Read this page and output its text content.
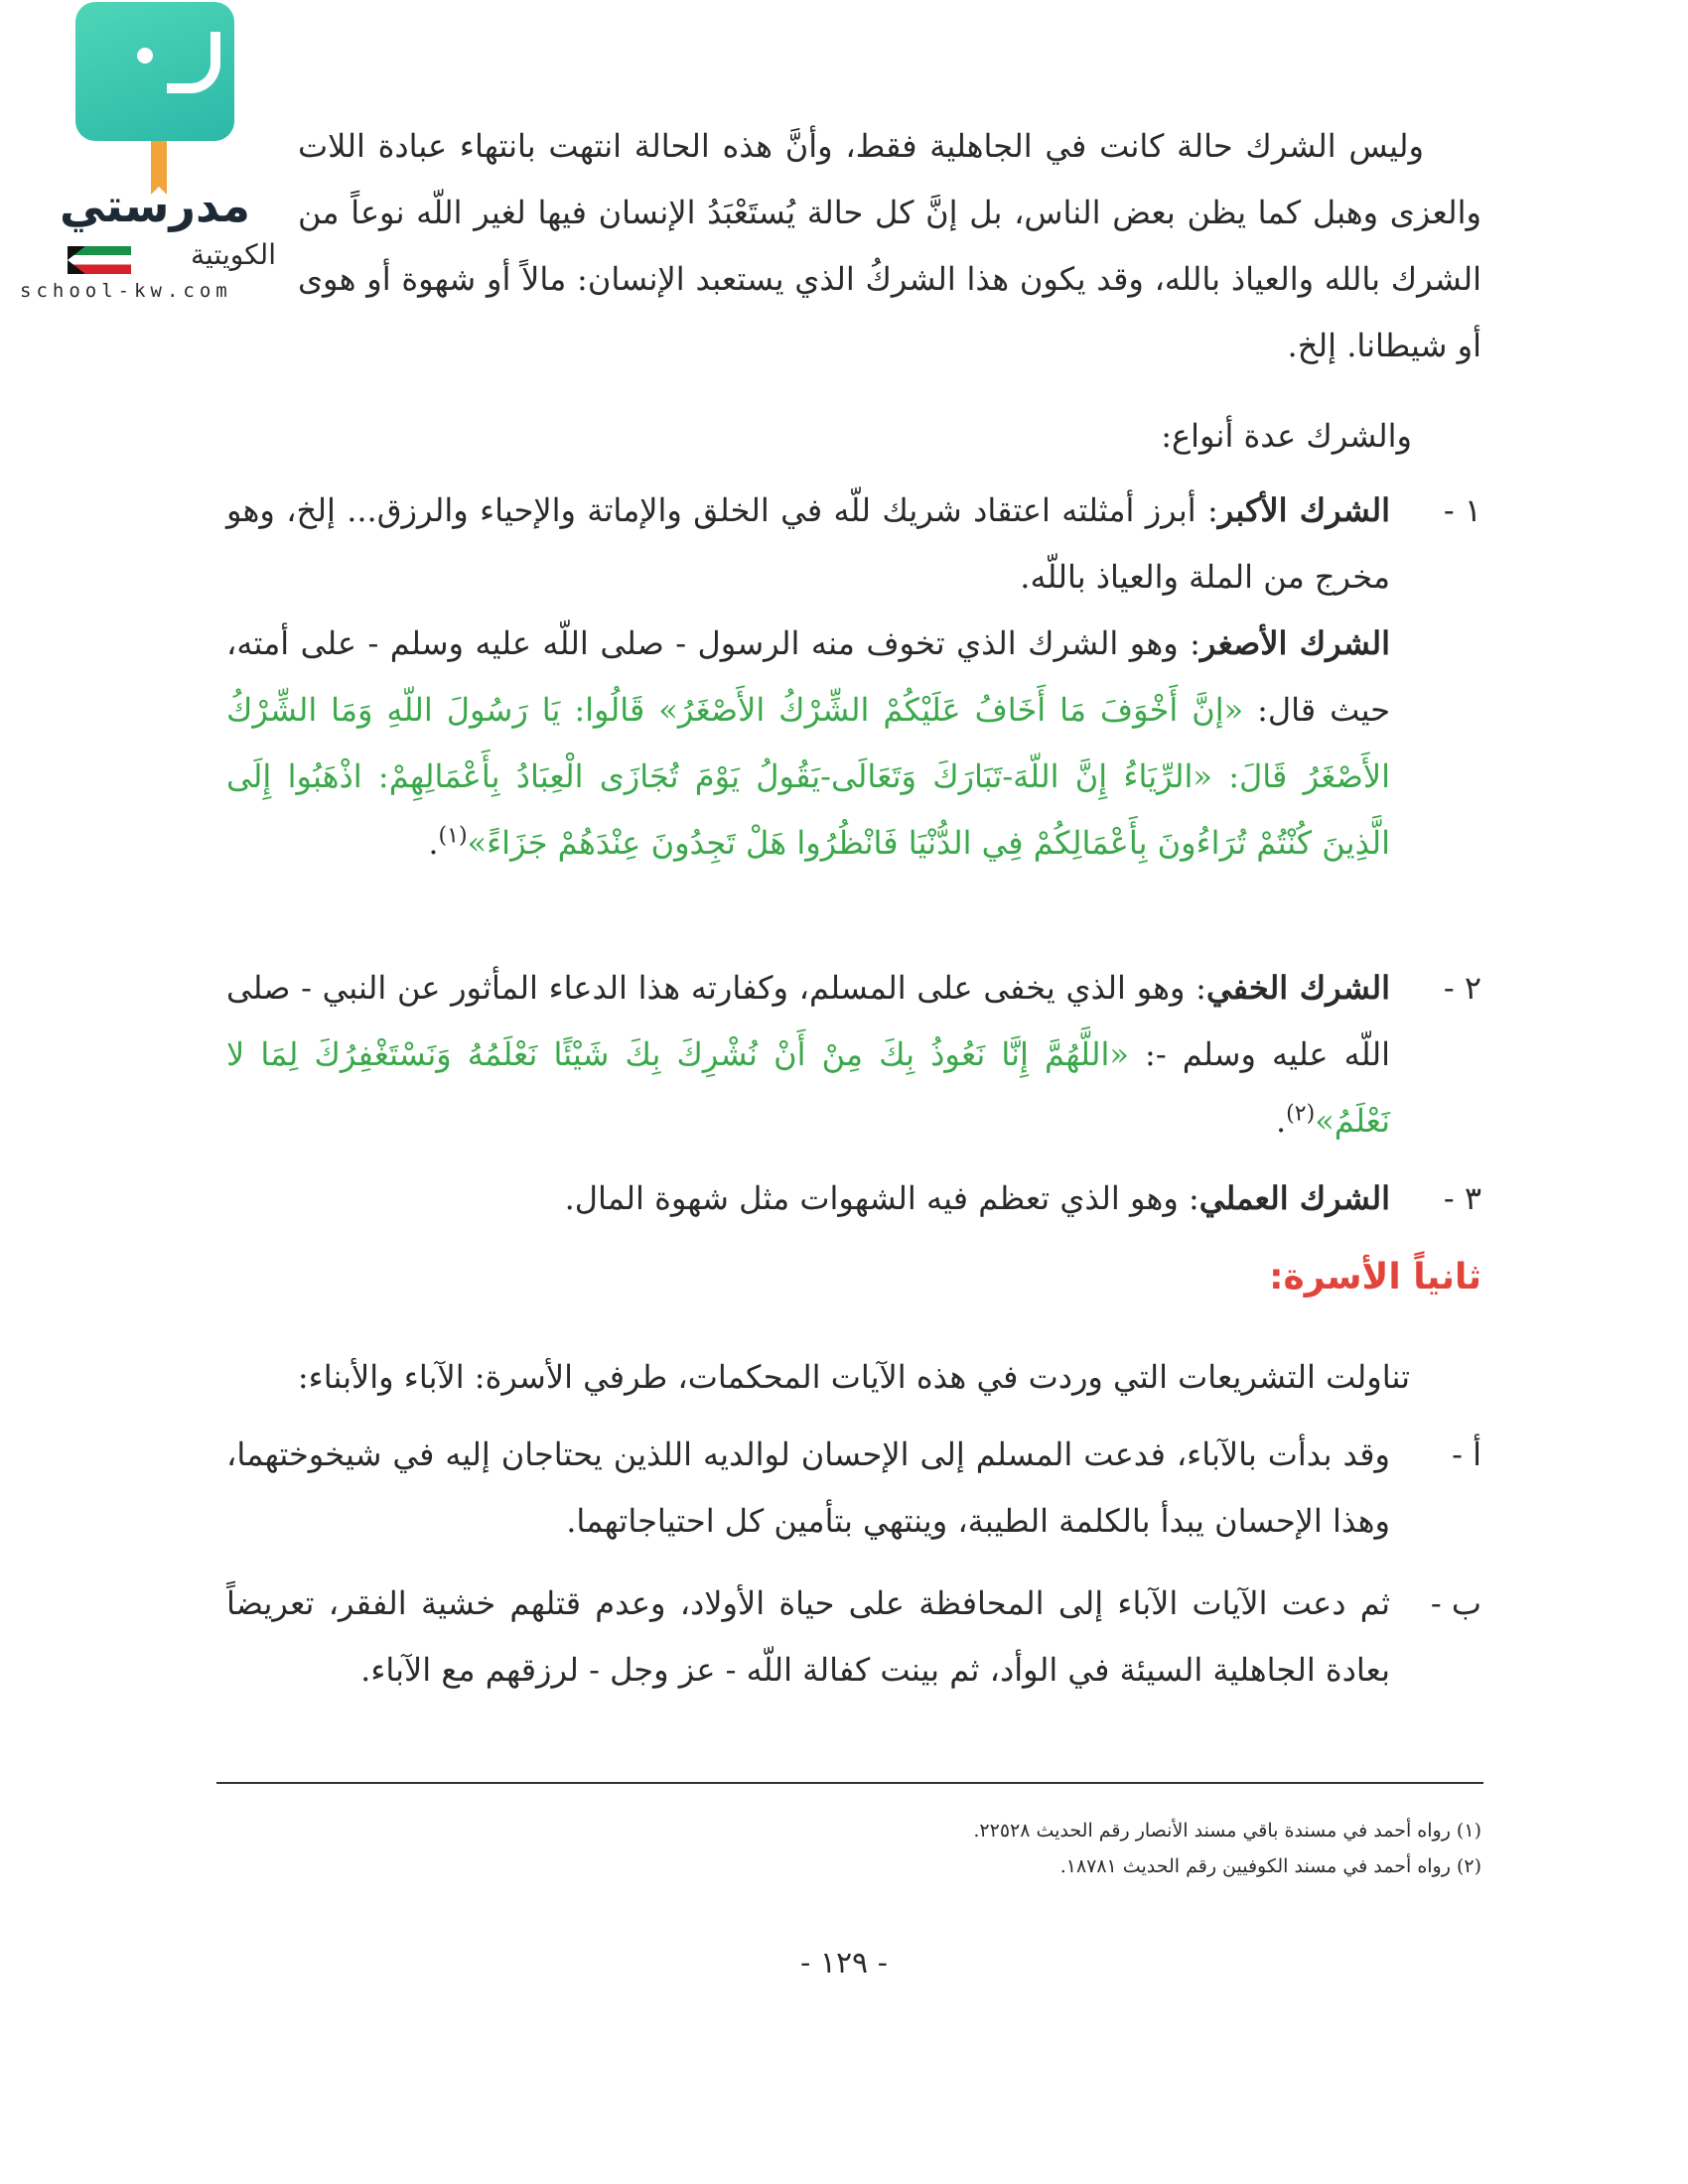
مدرستي
الكويتية
school-kw.com

وليس الشرك حالة كانت في الجاهلية فقط، وأنَّ هذه الحالة انتهت بانتهاء عبادة اللات والعزى وهبل كما يظن بعض الناس، بل إنَّ كل حالة يُستَعْبَدُ الإنسان فيها لغير اللّه نوعاً من الشرك بالله والعياذ بالله، وقد يكون هذا الشركُ الذي يستعبد الإنسان: مالاً أو شهوة أو هوى أو شيطانا. إلخ.

والشرك عدة أنواع:

١ -
الشرك الأكبر: أبرز أمثلته اعتقاد شريك للّه في الخلق والإماتة والإحياء والرزق... إلخ، وهو مخرج من الملة والعياذ باللّه.
الشرك الأصغر: وهو الشرك الذي تخوف منه الرسول - صلى اللّه عليه وسلم - على أمته، حيث قال: «إنَّ أَخْوَفَ مَا أَخَافُ عَلَيْكُمْ الشِّرْكُ الأَصْغَرُ» قَالُوا: يَا رَسُولَ اللّهِ وَمَا الشِّرْكُ الأَصْغَرُ قَالَ: «الرِّيَاءُ إِنَّ اللّهَ-تَبَارَكَ وَتَعَالَى-يَقُولُ يَوْمَ تُجَازَى الْعِبَادُ بِأَعْمَالِهِمْ: اذْهَبُوا إِلَى الَّذِينَ كُنْتُمْ تُرَاءُونَ بِأَعْمَالِكُمْ فِي الدُّنْيَا فَانْظُرُوا هَلْ تَجِدُونَ عِنْدَهُمْ جَزَاءً»$^{(١)}$.
٢ -
الشرك الخفي: وهو الذي يخفى على المسلم، وكفارته هذا الدعاء المأثور عن النبي - صلى اللّه عليه وسلم -: «اللَّهُمَّ إِنَّا نَعُوذُ بِكَ مِنْ أَنْ نُشْرِكَ بِكَ شَيْئًا نَعْلَمُهُ وَنَسْتَغْفِرُكَ لِمَا لا نَعْلَمُ»$^{(٢)}$.
٣ -
الشرك العملي: وهو الذي تعظم فيه الشهوات مثل شهوة المال.
ثانياً الأسرة:

تناولت التشريعات التي وردت في هذه الآيات المحكمات، طرفي الأسرة: الآباء والأبناء:

أ -
وقد بدأت بالآباء، فدعت المسلم إلى الإحسان لوالديه اللذين يحتاجان إليه في شيخوختهما، وهذا الإحسان يبدأ بالكلمة الطيبة، وينتهي بتأمين كل احتياجاتهما.
ب -
ثم دعت الآيات الآباء إلى المحافظة على حياة الأولاد، وعدم قتلهم خشية الفقر، تعريضاً بعادة الجاهلية السيئة في الوأد، ثم بينت كفالة اللّه - عز وجل - لرزقهم مع الآباء.
(١) رواه أحمد في مسندة باقي مسند الأنصار رقم الحديث ٢٢٥٢٨.
(٢) رواه أحمد في مسند الكوفيين رقم الحديث ١٨٧٨١.
- ١٢٩ -
